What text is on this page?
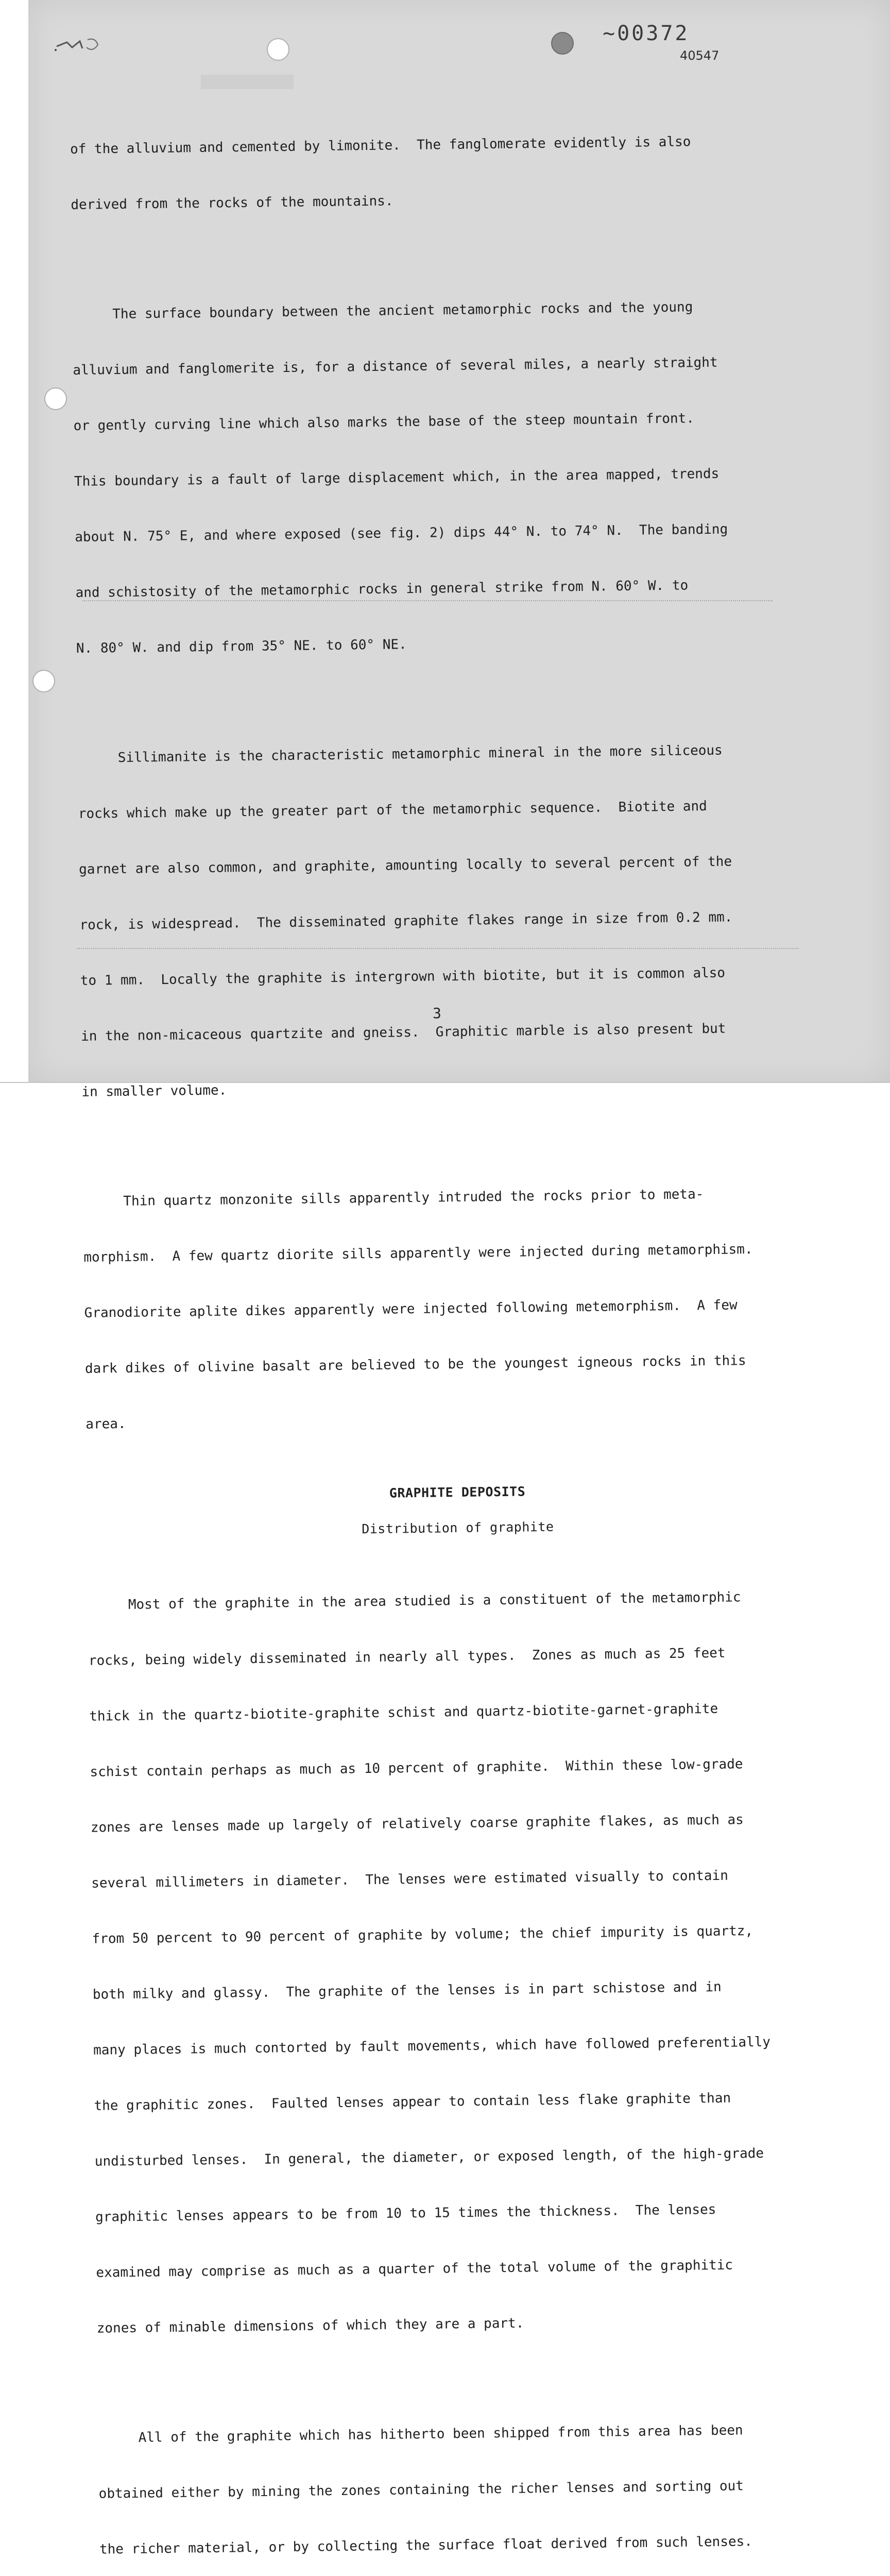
~00372
40547

of the alluvium and cemented by limonite.  The fanglomerate evidently is also

derived from the rocks of the mountains.

The surface boundary between the ancient metamorphic rocks and the young

alluvium and fanglomerite is, for a distance of several miles, a nearly straight

or gently curving line which also marks the base of the steep mountain front.

This boundary is a fault of large displacement which, in the area mapped, trends

about N. 75° E, and where exposed (see fig. 2) dips 44° N. to 74° N.  The banding

and schistosity of the metamorphic rocks in general strike from N. 60° W. to

N. 80° W. and dip from 35° NE. to 60° NE.

Sillimanite is the characteristic metamorphic mineral in the more siliceous

rocks which make up the greater part of the metamorphic sequence.  Biotite and

garnet are also common, and graphite, amounting locally to several percent of the

rock, is widespread.  The disseminated graphite flakes range in size from 0.2 mm.

to 1 mm.  Locally the graphite is intergrown with biotite, but it is common also

in the non-micaceous quartzite and gneiss.  Graphitic marble is also present but

in smaller volume.

Thin quartz monzonite sills apparently intruded the rocks prior to meta-

morphism.  A few quartz diorite sills apparently were injected during metamorphism.

Granodiorite aplite dikes apparently were injected following metemorphism.  A few

dark dikes of olivine basalt are believed to be the youngest igneous rocks in this

area.

GRAPHITE DEPOSITS
Distribution of graphite

Most of the graphite in the area studied is a constituent of the metamorphic

rocks, being widely disseminated in nearly all types.  Zones as much as 25 feet

thick in the quartz-biotite-graphite schist and quartz-biotite-garnet-graphite

schist contain perhaps as much as 10 percent of graphite.  Within these low-grade

zones are lenses made up largely of relatively coarse graphite flakes, as much as

several millimeters in diameter.  The lenses were estimated visually to contain

from 50 percent to 90 percent of graphite by volume; the chief impurity is quartz,

both milky and glassy.  The graphite of the lenses is in part schistose and in

many places is much contorted by fault movements, which have followed preferentially

the graphitic zones.  Faulted lenses appear to contain less flake graphite than

undisturbed lenses.  In general, the diameter, or exposed length, of the high-grade

graphitic lenses appears to be from 10 to 15 times the thickness.  The lenses

examined may comprise as much as a quarter of the total volume of the graphitic

zones of minable dimensions of which they are a part.

All of the graphite which has hitherto been shipped from this area has been

obtained either by mining the zones containing the richer lenses and sorting out

the richer material, or by collecting the surface float derived from such lenses.

3
